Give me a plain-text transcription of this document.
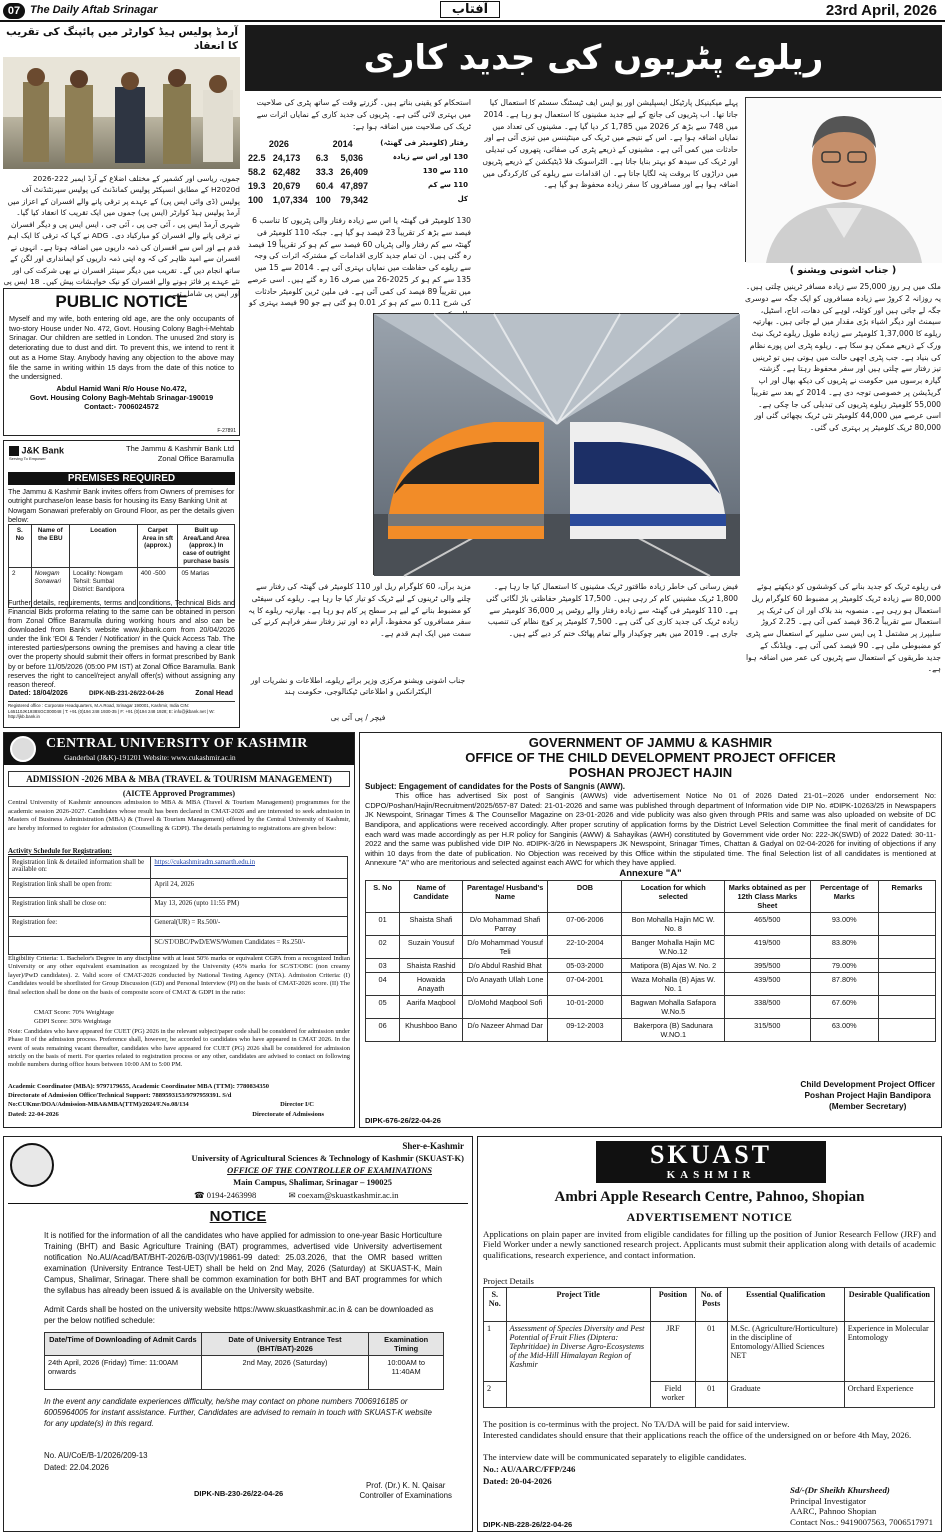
07 The Daily Aftab Srinagar	آفتاب	23rd April, 2026
آرمڈ پولیس ہیڈ کوارٹر میں پائپنگ کی تقریب کا انعقاد
جموں، ریاسی اور کشمیر کے مختلف اضلاع کے آرڈ ایمبر 222-2026 H2020d کے مطابق انسپکٹر پولیس کمانڈنٹ کی پولیس سپرنٹنڈنٹ آف پولیس (ڈی وائی ایس پی) کے عہدے پر ترقی پانے والے افسران کے اعزاز میں آرمڈ پولیس ہیڈ کوارٹر (ایس پی) جموں میں ایک تقریب کا انعقاد کیا گیا۔ شہری آرمڈ ایس پی ، آئی جی پی ، آئی جی ، ایس ایس پی و دیگر افسران نے ترقی پانے والے افسران کو مبارکباد دی۔ ADG نے کہا کہ ترقی کا ایک اہم قدم ہے اور اس سے افسران کی ذمہ داریوں میں اضافہ ہوتا ہے۔ انہوں نے افسران سے امید ظاہر کی کہ وہ اپنی ذمہ داریوں کو ایمانداری اور لگن کے ساتھ انجام دیں گے۔ تقریب میں دیگر سینئر افسران نے بھی شرکت کی اور نئے عہدے پر فائز ہونے والے افسران کو نیک خواہشات پیش کیں۔ 18 ایس پی اور ایس پی شامل تھے۔
PUBLIC NOTICE
Myself and my wife, both entering old age, are the only occupants of two-story House under No. 472, Govt. Housing Colony Bagh-i-Mehtab Srinagar. Our children are settled in London. The unused 2nd story is deteriorating due to dust and dirt. To prevent this, we intend to rent it out as a Home Stay. Anybody having any objection to the above may file the same in writing within 15 days from the date of this notice to the undersigned.
Abdul Hamid Wani R/o House No.472,
Govt. Housing Colony Bagh-Mehtab Srinagar-190019
Contact:- 7006024572
F-27891
J&K Bank
Serving To Empower
The Jammu & Kashmir Bank Ltd
Zonal Office Baramulla
PREMISES REQUIRED
The Jammu & Kashmir Bank invites offers from Owners of premises for outright purchase/on lease basis for housing its Easy Banking Unit at Nowgam Sonawari preferably on Ground Floor, as per the details given below:
S. No	Name of the EBU	Location	Carpet Area in sft (approx.)	Built up Area/Land Area (approx.) In case of outright purchase basis
2	Nowgam Sonawari	Locality: Nowgam Tehsil: Sumbal District: Bandipora	400 -500	05 Marlas
Further details, requirements, terms and conditions, Technical Bids and Financial Bids proforma relating to the same can be obtained in person from Zonal Office Baramulla during working hours and also can be downloaded from Bank's website www.jkbank.com from 20/04/2026 under the link 'EOI & Tender / Notification' in the Quick Access Tab. The interested parties/persons owning the premises and having a clear title over the property should submit their offers in format prescribed by Bank by or before 11/05/2026 (05:00 PM IST) at Zonal Office Baramulla. Bank reserves the right to cancel/reject any/all offer(s) without assigning any reason thereof.
Dated: 18/04/2026	DIPK-NB-231-26/22-04-26	Zonal Head
Registered office : Corporate Headquarters, M.A.Road, Srinagar 190001, Kashmir, India CIN: L65110JK1938SGC000048 | T: +91 (0)194 248 1930-35 | F: +91 (0)194 248 1928; E: info@jkbank.net | W: http://jkb.bank.in
ریلوے پٹریوں کی جدید کاری
( جناب اشونی ویشنو )
ملک میں ہر روز 25,000 سے زیادہ مسافر ٹرینیں چلتی ہیں۔ یہ روزانہ 2 کروڑ سے زیادہ مسافروں کو ایک جگہ سے دوسری جگہ لے جاتی ہیں اور کوئلہ، لوہے کی دھات، اناج، اسٹیل، سیمنٹ اور دیگر اشیاء بڑی مقدار میں لے جاتی ہیں۔ بھارتیہ ریلوے کا 1,37,000 کلومیٹر سے زیادہ طویل ریلوے ٹریک نیٹ ورک کے ذریعے ممکن ہو سکا ہے۔ ریلوے پٹری اس پورے نظام کی بنیاد ہے۔ جب پٹری اچھی حالت میں ہوتی ہیں تو ٹرینیں تیز رفتار سے چلتی ہیں اور سفر محفوظ رہتا ہے۔ گزشتہ گیارہ برسوں میں حکومت نے پٹریوں کی دیکھ بھال اور اپ گریڈیشن پر خصوصی توجہ دی ہے۔ 2014 کے بعد سے تقریباً 55,000 کلومیٹر ریلوے پٹریوں کی تبدیلی کی جا چکی ہے۔ اسی عرصے میں 44,000 کلومیٹر نئی ٹریک بچھائی گئی اور 80,000 ٹریک کلومیٹر پر بہتری کی گئی۔
پہلے میکینیکل پارٹیکل ایسپلیشن اور یو ایس ایف ٹیسٹنگ سسٹم کا استعمال کیا جاتا تھا۔ اب پٹریوں کی جانچ کے لیے جدید مشینوں کا استعمال ہو رہا ہے۔ 2014 میں 748 سے بڑھ کر 2026 میں 1,785 کر دیا گیا ہے۔ مشینوں کی تعداد میں نمایاں اضافہ ہوا ہے۔ اس کے نتیجے میں ٹریک کی مینٹیننس میں تیزی آئی ہے اور حادثات میں کمی آئی ہے۔ مشینوں کے ذریعے پٹری کی صفائی، پتھروں کی تبدیلی اور ٹریک کی سیدھ کو بہتر بنایا جاتا ہے۔ الٹراسونک فلا ڈیٹیکشن کے ذریعے پٹریوں میں دراڑوں کا بروقت پتہ لگایا جاتا ہے۔ ان اقدامات سے ریلوے کی کارکردگی میں اضافہ ہوا ہے اور مسافروں کا سفر زیادہ محفوظ ہو گیا ہے۔
استحکام کو یقینی بناتے ہیں۔ گزرتے وقت کے ساتھ پٹری کی صلاحیت میں بہتری لائی گئی ہے۔ پٹریوں کی جدید کاری کے نمایاں اثرات سے ٹریک کی صلاحیت میں اضافہ ہوا ہے:
2026		2014		رفتار (کلومیٹر فی گھنٹہ)
22.5	24,173	6.3	5,036	130 اور اس سے زیادہ
58.2	62,482	33.3	26,409	110 سے 130
19.3	20,679	60.4	47,897	110 سے کم
100	1,07,334	100	79,342	کل
130 کلومیٹر فی گھنٹہ یا اس سے زیادہ رفتار والی پٹریوں کا تناسب 6 فیصد سے بڑھ کر تقریباً 23 فیصد ہو گیا ہے۔ جبکہ 110 کلومیٹر فی گھنٹہ سے کم رفتار والی پٹریاں 60 فیصد سے کم ہو کر تقریباً 19 فیصد رہ گئی ہیں۔ ان تمام جدید کاری اقدامات کے مشترکہ اثرات کی وجہ سے ریلوے کی حفاظت میں نمایاں بہتری آئی ہے۔ 2014 سے 15 میں 135 سے کم ہو کر 2025-26 میں صرف 16 رہ گئے ہیں۔ اسی عرصے میں تقریباً 89 فیصد کی کمی آئی ہے۔ فی ملین ٹرین کلومیٹر حادثات کی شرح 0.11 سے کم ہو کر 0.01 ہو گئی ہے جو 90 فیصد بہتری کو
فی ریلوے ٹریک کو جدید بنانے کی کوششوں کو دیکھتے ہوئے 80,000 سے زیادہ ٹریک کلومیٹر پر مضبوط 60 کلوگرام ریل استعمال ہو رہی ہے۔ منصوبہ بند بلاک اور ان کی ٹریک پر استعمال سے تقریباً 36.2 فیصد کمی آئی ہے۔ 2.25 کروڑ سلیپرز پر مشتمل 1 پی ایس سی سلیپر کے استعمال سے پٹری کو مضبوطی ملی ہے۔ 90 فیصد کمی آئی ہے۔ ویلڈنگ کے جدید طریقوں کے استعمال سے پٹریوں کی عمر میں اضافہ ہوا ہے۔
فیض رسانی کی خاطر زیادہ طاقتور ٹریک مشینوں کا استعمال کیا جا رہا ہے۔ 1,800 ٹریک مشینیں کام کر رہی ہیں۔ 17,500 کلومیٹر حفاظتی باڑ لگائی گئی ہے۔ 110 کلومیٹر فی گھنٹہ سے زیادہ رفتار والے روٹس پر 36,000 کلومیٹر سے زیادہ ٹریک کی جدید کاری کی گئی ہے۔ 7,500 کلومیٹر پر کوچ نظام کی تنصیب جاری ہے۔ 2019 میں بغیر چوکیدار والے تمام پھاٹک ختم کر دیے گئے ہیں۔
مزید برآں، 60 کلوگرام ریل اور 110 کلومیٹر فی گھنٹہ کی رفتار سے چلنے والی ٹرینوں کے لیے ٹریک کو تیار کیا جا رہا ہے۔ ریلوے کی سیفٹی کو مضبوط بنانے کے لیے ہر سطح پر کام ہو رہا ہے۔ بھارتیہ ریلوے کا یہ سفر مسافروں کو محفوظ، آرام دہ اور تیز رفتار سفر فراہم کرنے کی سمت میں ایک اہم قدم ہے۔
جناب اشونی ویشنو مرکزی وزیر برائے ریلوے، اطلاعات و نشریات اور الیکٹرانکس و اطلاعاتی ٹیکنالوجی، حکومت ہند
فیچر / پی آئی بی
CENTRAL UNIVERSITY OF KASHMIR
Ganderbal (J&K)-191201 Website: www.cukashmir.ac.in
ADMISSION -2026 MBA & MBA (TRAVEL & TOURISM MANAGEMENT)
(AICTE Approved Programmes)
Central University of Kashmir announces admission to MBA & MBA (Travel & Tourism Management) programmes for the academic session 2026-2027. Candidates whose result has been declared in CMAT-2026 and are interested to seek admission in Masters of Business Administration (MBA) & (Travel & Tourism Management) offered by the Central University of Kashmir, are hereby informed to register for admission (Counselling & GDPI). The details pertaining to registrations are given below:
Activity Schedule for Registration:
Registration link & detailed information shall be available on:	https://cukashmiradm.samarth.edu.in
Registration link shall be open from:	April 24, 2026
Registration link shall be close on:	May 13, 2026 (upto 11:55 PM)
Registration fee:	General(UR) = Rs.500/-
	SC/ST/OBC/PwD/EWS/Women Candidates = Rs.250/-
Eligibility Criteria: 1. Bachelor's Degree in any discipline with at least 50% marks or equivalent CGPA from a recognized Indian University or any other equivalent examination as recognized by the University (45% marks for SC/ST/OBC (non creamy layer)/PwD candidates). 2. Valid score of CMAT-2026 conducted by National Testing Agency (NTA). Admission Criteria: (I) Candidates would be shortlisted for Group Discussion (GD) and Personal Interview (PI) on the basis of CMAT-2026 score. (II) The final selection shall be done on the basis of composite score of CMAT & GDPI in the ratio:
CMAT Score: 70% Weightage
GDPI Score: 30% Weightage
Note: Candidates who have appeared for CUET (PG) 2026 in the relevant subject/paper code shall be considered for admission under Phase II of the admission process. Preference shall, however, be accorded to candidates who have appeared in CMAT 2026. In the event of seats remaining vacant thereafter, candidates who have appeared for CUET (PG) 2026 shall be considered for admission strictly on the basis of merit. For queries related to registration process or any other, candidates are advised to contact on following mobile numbers during office hours between 10:00 AM to 5:00 PM.
Academic Coordinator (MBA): 9797179655, Academic Coordinator MBA (TTM): 7780834350
Directorate of Admission Office/Technical Support: 7889593153/9797959391. S/d
No:CUKmr/DOA/Admission-MBA&MBA(TTM)/2024/F.No.08/134	Director I/C
Dated: 22-04-2026	Directorate of Admissions
GOVERNMENT OF JAMMU & KASHMIR
OFFICE OF THE CHILD DEVELOPMENT PROJECT OFFICER
POSHAN PROJECT HAJIN
Subject: Engagement of candidates for the Posts of Sangnis (AWW).
This office has advertised Six post of Sanginis (AWWs) vide advertisement Notice No 01 of 2026 Dated 21-01--2026 under endorsement No: CDPO/Poshan/Hajin/Recruitment/2025/657-87 Dated: 21-01-2026 and same was published through department of Information vide DIP No. #DIPK-10263/25 in Newspapers JK Newspoint, Srinagar Times & The Counsellor Magazine on 23-01-2026 and vide publicity was also given through PRIs and same was also uploaded on website of DC Bandipora, and applications were received accordingly. After proper scrutiny of application forms by the District Level Selection Committee the final merit of candidates for each ward was made accordingly as per H.R policy for Sanginis (AWW) & Sahayikas (AWH) constituted by Government vide order No: 222-JK(SWD) of 2022 Dated: 30-11-2022 and the same was published vide DIP No. #DIPK-3/26 in Newspapers JK Newspoint, Srinagar Times, Chattan & Gadyal on 02-04-2026 for inviting of objections if any within 10 days from the date of publication. No Objection was received by this Office within the stipulated time. The final Selection list of all candidates is mentioned at Annexure "A" who are meritorious and selected against each AWC for which they have applied.
Annexure "A"
S. No	Name of Candidate	Parentage/ Husband's Name	DOB	Location for which selected	Marks obtained as per 12th Class Marks Sheet	Percentage of Marks	Remarks
01	Shaista Shafi	D/o Mohammad Shafi Parray	07-06-2006	Bon Mohalla Hajin MC W. No. 8	465/500	93.00%	
02	Suzain Yousuf	D/o Mohammad Yousuf Teli	22-10-2004	Banger Mohalla Hajin MC W.No.12	419/500	83.80%	
03	Shaista Rashid	D/o Abdul Rashid Bhat	05-03-2000	Matipora (B) Ajas W. No. 2	395/500	79.00%	
04	Howaida Anayath	D/o Anayath Ullah Lone	07-04-2001	Waza Mohalla (B) Ajas W. No. 1	439/500	87.80%	
05	Aarifa Maqbool	D/oMohd Maqbool Sofi	10-01-2000	Bagwan Mohalla Safapora W.No.5	338/500	67.60%	
06	Khushboo Bano	D/o Nazeer Ahmad Dar	09-12-2003	Bakerpora (B) Sadunara W.NO.1	315/500	63.00%	
Child Development Project Officer
Poshan Project Hajin Bandipora
(Member Secretary)
DIPK-676-26/22-04-26
Sher-e-Kashmir
University of Agricultural Sciences & Technology of Kashmir (SKUAST-K)
OFFICE OF THE CONTROLLER OF EXAMINATIONS
Main Campus, Shalimar, Srinagar – 190025
☎ 0194-2463998	✉ coexam@skuastkashmir.ac.in
NOTICE
It is notified for the information of all the candidates who have applied for admission to one-year Basic Horticulture Training (BHT) and Basic Agriculture Training (BAT) programmes, advertised vide University advertisement notification No.AU/Acad/BAT/BHT-2026/B-03(IV)/19861-99 dated: 25.03.2026, that the OMR based written examination (University Entrance Test-UET) shall be held on 2nd May, 2026 (Saturday) at SKUAST-K, Main Campus, Shalimar, Srinagar. There shall be common examination for both BHT and BAT programmes for which the syllabus has already been issued & is available on the University website.
Admit Cards shall be hosted on the university website https://www.skuastkashmir.ac.in & can be downloaded as per the below notified schedule:
Date/Time of Downloading of Admit Cards	Date of University Entrance Test (BHT/BAT)-2026	Examination Timing
24th April, 2026 (Friday) Time: 11:00AM onwards	2nd May, 2026 (Saturday)	10:00AM to 11:40AM
In the event any candidate experiences difficulty, he/she may contact on phone numbers 7006916185 or 6005964005 for instant assistance. Further, Candidates are advised to remain in touch with SKUAST-K website for any update(s) in this regard.
No. AU/CoE/B-1/2026/209-13
Dated: 22.04.2026
DIPK-NB-230-26/22-04-26
Prof. (Dr.) K. N. Qaisar
Controller of Examinations
SKUAST
KASHMIR
Ambri Apple Research Centre, Pahnoo, Shopian
ADVERTISEMENT NOTICE
Applications on plain paper are invited from eligible candidates for filling up the position of Junior Research Fellow (JRF) and Field Worker under a newly sanctioned research project. Applicants must submit their application along with details of academic qualifications, research experience, and contact information.
Project Details
S. No.	Project Title	Position	No. of Posts	Essential Qualification	Desirable Qualification
1	Assessment of Species Diversity and Pest Potential of Fruit Flies (Diptera: Tephritidae) in Diverse Agro-Ecosystems of the Mid-Hill Himalayan Region of Kashmir	JRF	01	M.Sc. (Agriculture/Horticulture) in the discipline of Entomology/Allied Sciences NET	Experience in Molecular Entomology
2		Field worker	01	Graduate	Orchard Experience
The position is co-terminus with the project. No TA/DA will be paid for said interview.
Interested candidates should ensure that their applications reach the office of the undersigned on or before 4th May, 2026.
The interview date will be communicated separately to eligible candidates.
No.: AU/AARC/FFP/246
Dated: 20-04-2026
Sd/-(Dr Sheikh Khursheed)
Principal Investigator
AARC, Pahnoo Shopian
Contact Nos.: 9419007563, 7006517971
DIPK-NB-228-26/22-04-26
